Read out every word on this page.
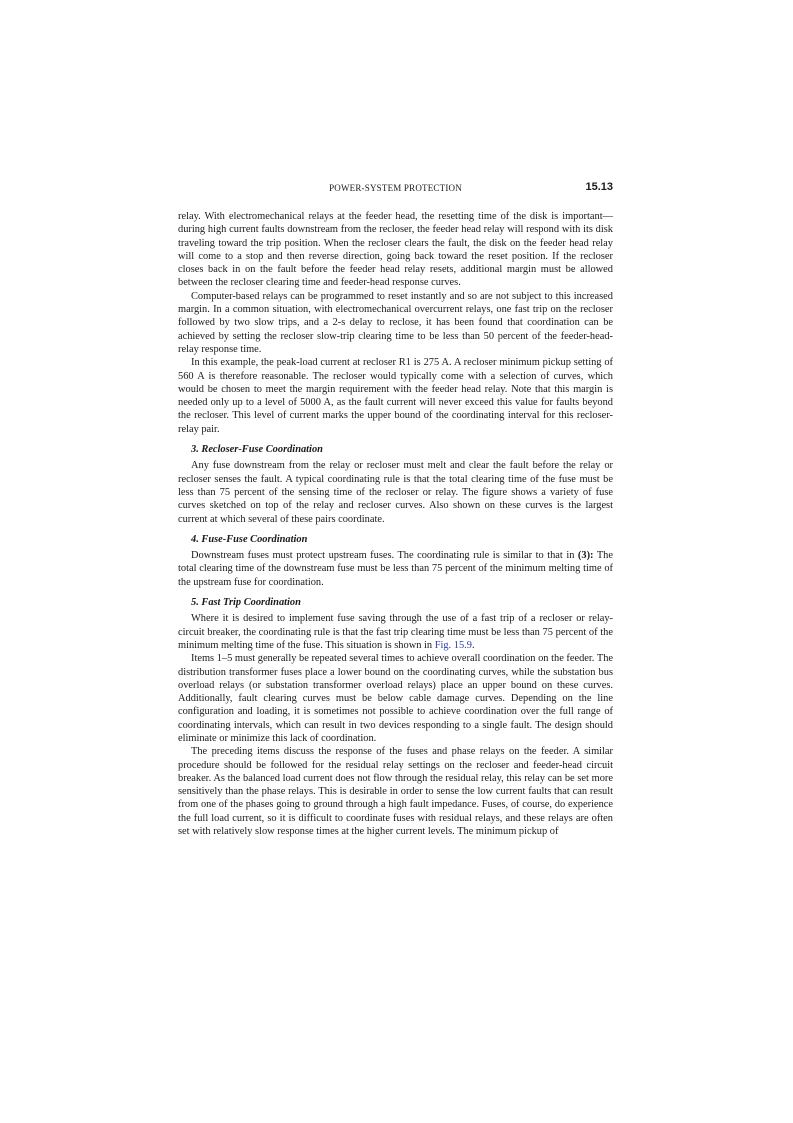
POWER-SYSTEM PROTECTION	15.13

relay. With electromechanical relays at the feeder head, the resetting time of the disk is important—during high current faults downstream from the recloser, the feeder head relay will respond with its disk traveling toward the trip position. When the recloser clears the fault, the disk on the feeder head relay will come to a stop and then reverse direction, going back toward the reset position. If the recloser closes back in on the fault before the feeder head relay resets, additional margin must be allowed between the recloser clearing time and feeder-head response curves.

Computer-based relays can be programmed to reset instantly and so are not subject to this increased margin. In a common situation, with electromechanical overcurrent relays, one fast trip on the recloser followed by two slow trips, and a 2-s delay to reclose, it has been found that coordination can be achieved by setting the recloser slow-trip clearing time to be less than 50 percent of the feeder-head-relay response time.

In this example, the peak-load current at recloser R1 is 275 A. A recloser minimum pickup setting of 560 A is therefore reasonable. The recloser would typically come with a selection of curves, which would be chosen to meet the margin requirement with the feeder head relay. Note that this margin is needed only up to a level of 5000 A, as the fault current will never exceed this value for faults beyond the recloser. This level of current marks the upper bound of the coordinating interval for this recloser-relay pair.

3. Recloser-Fuse Coordination

Any fuse downstream from the relay or recloser must melt and clear the fault before the relay or recloser senses the fault. A typical coordinating rule is that the total clearing time of the fuse must be less than 75 percent of the sensing time of the recloser or relay. The figure shows a variety of fuse curves sketched on top of the relay and recloser curves. Also shown on these curves is the largest current at which several of these pairs coordinate.

4. Fuse-Fuse Coordination

Downstream fuses must protect upstream fuses. The coordinating rule is similar to that in (3): The total clearing time of the downstream fuse must be less than 75 percent of the minimum melting time of the upstream fuse for coordination.

5. Fast Trip Coordination

Where it is desired to implement fuse saving through the use of a fast trip of a recloser or relay-circuit breaker, the coordinating rule is that the fast trip clearing time must be less than 75 percent of the minimum melting time of the fuse. This situation is shown in Fig. 15.9.

Items 1–5 must generally be repeated several times to achieve overall coordination on the feeder. The distribution transformer fuses place a lower bound on the coordinating curves, while the substation bus overload relays (or substation transformer overload relays) place an upper bound on these curves. Additionally, fault clearing curves must be below cable damage curves. Depending on the line configuration and loading, it is sometimes not possible to achieve coordination over the full range of coordinating intervals, which can result in two devices responding to a single fault. The design should eliminate or minimize this lack of coordination.

The preceding items discuss the response of the fuses and phase relays on the feeder. A similar procedure should be followed for the residual relay settings on the recloser and feeder-head circuit breaker. As the balanced load current does not flow through the residual relay, this relay can be set more sensitively than the phase relays. This is desirable in order to sense the low current faults that can result from one of the phases going to ground through a high fault impedance. Fuses, of course, do experience the full load current, so it is difficult to coordinate fuses with residual relays, and these relays are often set with relatively slow response times at the higher current levels. The minimum pickup of
